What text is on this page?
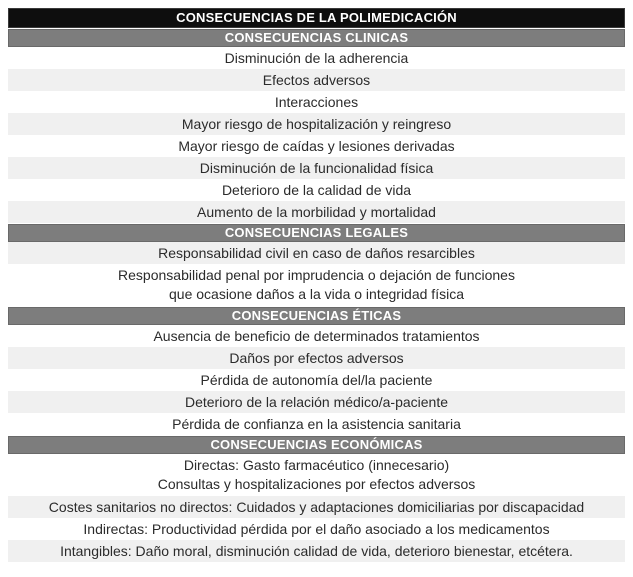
CONSECUENCIAS DE LA POLIMEDICACIÓN
CONSECUENCIAS CLINICAS
Disminución de la adherencia
Efectos adversos
Interacciones
Mayor riesgo de hospitalización y reingreso
Mayor riesgo de caídas y lesiones derivadas
Disminución de la funcionalidad física
Deterioro de la calidad de vida
Aumento de la morbilidad y mortalidad
CONSECUENCIAS LEGALES
Responsabilidad civil en caso de daños resarcibles
Responsabilidad penal por imprudencia o dejación de funciones
que ocasione daños a la vida o integridad física
CONSECUENCIAS ÉTICAS
Ausencia de beneficio de determinados tratamientos
Daños por efectos adversos
Pérdida de autonomía del/la paciente
Deterioro de la relación médico/a-paciente
Pérdida de confianza en la asistencia sanitaria
CONSECUENCIAS ECONÓMICAS
Directas: Gasto farmacéutico (innecesario)
Consultas y hospitalizaciones por efectos adversos
Costes sanitarios no directos: Cuidados y adaptaciones domiciliarias por discapacidad
Indirectas: Productividad pérdida por el daño asociado a los medicamentos
Intangibles: Daño moral, disminución calidad de vida, deterioro bienestar, etcétera.
